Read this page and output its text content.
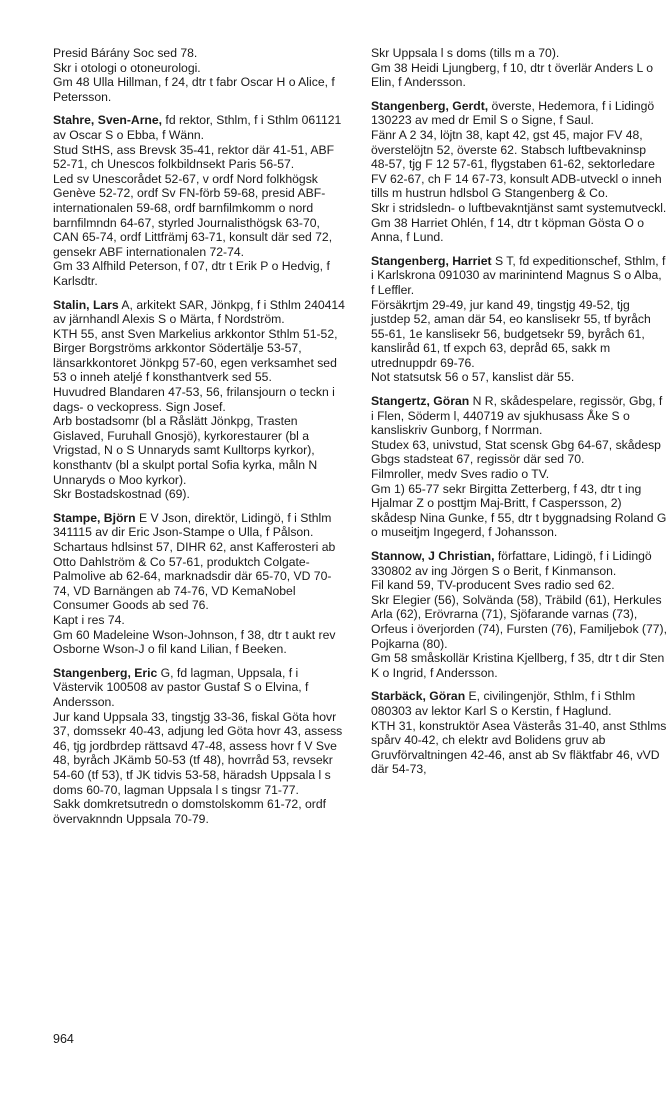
Presid Bárány Soc sed 78.

Skr i otologi o otoneurologi.

Gm 48 Ulla Hillman, f 24, dtr t fabr Oscar H o Alice, f Petersson.

Stahre, Sven-Arne, fd rektor, Sthlm, f i Sthlm 061121 av Oscar S o Ebba, f Wänn.

Stud StHS, ass Brevsk 35-41, rektor där 41-51, ABF 52-71, ch Unescos folkbildnsekt Paris 56-57.

Led sv Unescorådet 52-67, v ordf Nord folkhögsk Genève 52-72, ordf Sv FN-förb 59-68, presid ABF-internationalen 59-68, ordf barnfilmkomm o nord barnfilmndn 64-67, styrled Journalisthögsk 63-70, CAN 65-74, ordf Littfrämj 63-71, konsult där sed 72, gensekr ABF internationalen 72-74.

Gm 33 Alfhild Peterson, f 07, dtr t Erik P o Hedvig, f Karlsdtr.

Stalin, Lars A, arkitekt SAR, Jönkpg, f i Sthlm 240414 av järnhandl Alexis S o Märta, f Nordström.

KTH 55, anst Sven Markelius arkkontor Sthlm 51-52, Birger Borgströms arkkontor Södertälje 53-57, länsarkkontoret Jönkpg 57-60, egen verksamhet sed 53 o inneh ateljé f konsthantverk sed 55.

Huvudred Blandaren 47-53, 56, frilansjourn o teckn i dags- o veckopress. Sign Josef.

Arb bostadsomr (bl a Råslätt Jönkpg, Trasten Gislaved, Furuhall Gnosjö), kyrkorestaurer (bl a Vrigstad, N o S Unnaryds samt Kulltorps kyrkor), konsthantv (bl a skulpt portal Sofia kyrka, måln N Unnaryds o Moo kyrkor).

Skr Bostadskostnad (69).

Stampe, Björn E V Json, direktör, Lidingö, f i Sthlm 341115 av dir Eric Json-Stampe o Ulla, f Pålson.

Schartaus hdlsinst 57, DIHR 62, anst Kafferosteri ab Otto Dahlström & Co 57-61, produktch Colgate-Palmolive ab 62-64, marknadsdir där 65-70, VD 70-74, VD Barnängen ab 74-76, VD KemaNobel Consumer Goods ab sed 76.

Kapt i res 74.

Gm 60 Madeleine Wson-Johnson, f 38, dtr t aukt rev Osborne Wson-J o fil kand Lilian, f Beeken.

Stangenberg, Eric G, fd lagman, Uppsala, f i Västervik 100508 av pastor Gustaf S o Elvina, f Andersson.

Jur kand Uppsala 33, tingstjg 33-36, fiskal Göta hovr 37, domssekr 40-43, adjung led Göta hovr 43, assess 46, tjg jordbrdep rättsavd 47-48, assess hovr f V Sve 48, byråch JKämb 50-53 (tf 48), hovrråd 53, revsekr 54-60 (tf 53), tf JK tidvis 53-58, häradsh Uppsala l s doms 60-70, lagman Uppsala l s tingsr 71-77.

Sakk domkretsutredn o domstolskomm 61-72, ordf övervaknndn Uppsala 70-79.

Skr Uppsala l s doms (tills m a 70).

Gm 38 Heidi Ljungberg, f 10, dtr t överlär Anders L o Elin, f Andersson.

Stangenberg, Gerdt, överste, Hedemora, f i Lidingö 130223 av med dr Emil S o Signe, f Saul.

Fänr A 2 34, löjtn 38, kapt 42, gst 45, major FV 48, överstelöjtn 52, överste 62. Stabsch luftbevakninsp 48-57, tjg F 12 57-61, flygstaben 61-62, sektorledare FV 62-67, ch F 14 67-73, konsult ADB-utveckl o inneh tills m hustrun hdlsbol G Stangenberg & Co.

Skr i stridsledn- o luftbevakntjänst samt systemutveckl.

Gm 38 Harriet Ohlén, f 14, dtr t köpman Gösta O o Anna, f Lund.

Stangenberg, Harriet S T, fd expeditionschef, Sthlm, f i Karlskrona 091030 av marinintend Magnus S o Alba, f Leffler.

Försäkrtjm 29-49, jur kand 49, tingstjg 49-52, tjg justdep 52, aman där 54, eo kanslisekr 55, tf byråch 55-61, 1e kanslisekr 56, budgetsekr 59, byråch 61, kansliråd 61, tf expch 63, depråd 65, sakk m utrednuppdr 69-76.

Not statsutsk 56 o 57, kanslist där 55.

Stangertz, Göran N R, skådespelare, regissör, Gbg, f i Flen, Söderm l, 440719 av sjukhusass Åke S o kansliskriv Gunborg, f Norrman.

Studex 63, univstud, Stat scensk Gbg 64-67, skådesp Gbgs stadsteat 67, regissör där sed 70.

Filmroller, medv Sves radio o TV.

Gm 1) 65-77 sekr Birgitta Zetterberg, f 43, dtr t ing Hjalmar Z o posttjm Maj-Britt, f Caspersson, 2) skådesp Nina Gunke, f 55, dtr t byggnadsing Roland G o museitjm Ingegerd, f Johansson.

Stannow, J Christian, författare, Lidingö, f i Lidingö 330802 av ing Jörgen S o Berit, f Kinmanson.

Fil kand 59, TV-producent Sves radio sed 62.

Skr Elegier (56), Solvända (58), Träbild (61), Herkules Arla (62), Erövrarna (71), Sjöfarande varnas (73), Orfeus i överjorden (74), Fursten (76), Familjebok (77), Pojkarna (80).

Gm 58 småskollär Kristina Kjellberg, f 35, dtr t dir Sten K o Ingrid, f Andersson.

Starbäck, Göran E, civilingenjör, Sthlm, f i Sthlm 080303 av lektor Karl S o Kerstin, f Haglund.

KTH 31, konstruktör Asea Västerås 31-40, anst Sthlms spårv 40-42, ch elektr avd Bolidens gruv ab Gruvförvaltningen 42-46, anst ab Sv fläktfabr 46, vVD där 54-73,

964
